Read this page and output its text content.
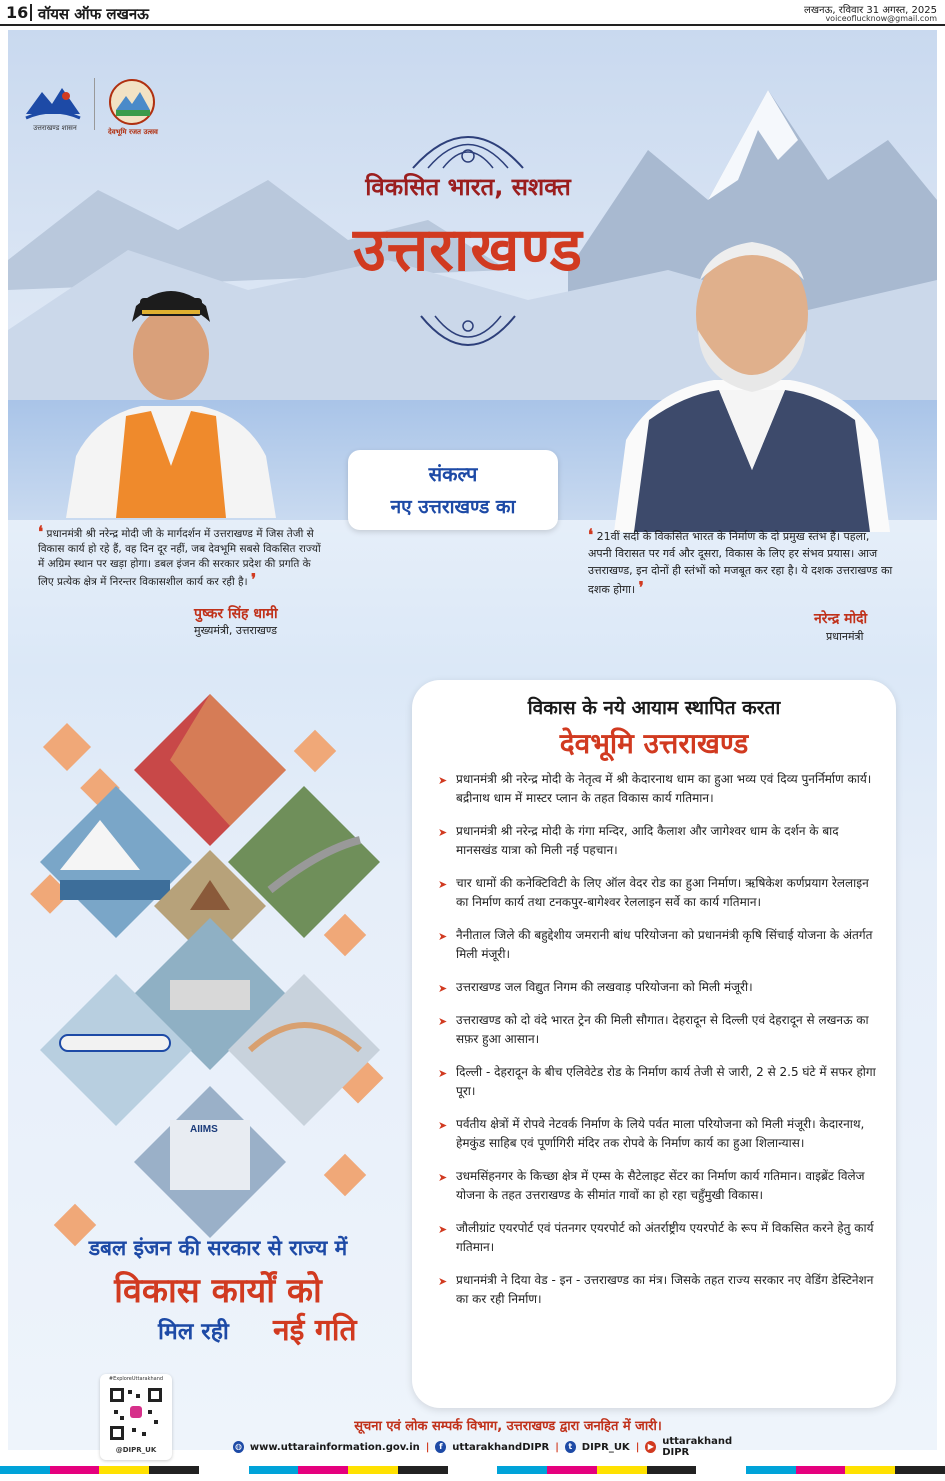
16 वॉयस ऑफ लखनऊ	लखनऊ, रविवार 31 अगस्त, 2025
voiceoflucknow@gmail.com
उत्तराखण्ड शासन	देवभूमि रजत उत्सव
विकसित भारत, सशक्त
उत्तराखण्ड
संकल्प
नए उत्तराखण्ड का
❛ प्रधानमंत्री श्री नरेन्द्र मोदी जी के मार्गदर्शन में उत्तराखण्ड में जिस तेजी से विकास कार्य हो रहे हैं, वह दिन दूर नहीं, जब देवभूमि सबसे विकसित राज्यों में अग्रिम स्थान पर खड़ा होगा। डबल इंजन की सरकार प्रदेश की प्रगति के लिए प्रत्येक क्षेत्र में निरन्तर विकासशील कार्य कर रही है। ❜
पुष्कर सिंह धामी
मुख्यमंत्री, उत्तराखण्ड
❛ 21वीं सदी के विकसित भारत के निर्माण के दो प्रमुख स्तंभ हैं। पहला, अपनी विरासत पर गर्व और दूसरा, विकास के लिए हर संभव प्रयास। आज उत्तराखण्ड, इन दोनों ही स्तंभों को मजबूत कर रहा है। ये दशक उत्तराखण्ड का दशक होगा। ❜
नरेन्द्र मोदी
प्रधानमंत्री
AIIMS
डबल इंजन की सरकार से राज्य में
विकास कार्यों को
मिल रही नई गति
विकास के नये आयाम स्थापित करता
देवभूमि उत्तराखण्ड
➤ प्रधानमंत्री श्री नरेन्द्र मोदी के नेतृत्व में श्री केदारनाथ धाम का हुआ भव्य एवं दिव्य पुनर्निर्माण कार्य। बद्रीनाथ धाम में मास्टर प्लान के तहत विकास कार्य गतिमान।
➤ प्रधानमंत्री श्री नरेन्द्र मोदी के गंगा मन्दिर, आदि कैलाश और जागेश्वर धाम के दर्शन के बाद मानसखंड यात्रा को मिली नई पहचान।
➤ चार धामों की कनेक्टिविटी के लिए ऑल वेदर रोड का हुआ निर्माण। ऋषिकेश कर्णप्रयाग रेललाइन का निर्माण कार्य तथा टनकपुर-बागेश्वर रेललाइन सर्वे का कार्य गतिमान।
➤ नैनीताल जिले की बहुद्देशीय जमरानी बांध परियोजना को प्रधानमंत्री कृषि सिंचाई योजना के अंतर्गत मिली मंजूरी।
➤ उत्तराखण्ड जल विद्युत निगम की लखवाड़ परियोजना को मिली मंजूरी।
➤ उत्तराखण्ड को दो वंदे भारत ट्रेन की मिली सौगात। देहरादून से दिल्ली एवं देहरादून से लखनऊ का सफ़र हुआ आसान।
➤ दिल्ली - देहरादून के बीच एलिवेटेड रोड के निर्माण कार्य तेजी से जारी, 2 से 2.5 घंटे में सफर होगा पूरा।
➤ पर्वतीय क्षेत्रों में रोपवे नेटवर्क निर्माण के लिये पर्वत माला परियोजना को मिली मंजूरी। केदारनाथ, हेमकुंड साहिब एवं पूर्णागिरी मंदिर तक रोपवे के निर्माण कार्य का हुआ शिलान्यास।
➤ उधमसिंहनगर के किच्छा क्षेत्र में एम्स के सैटेलाइट सेंटर का निर्माण कार्य गतिमान। वाइब्रेंट विलेज योजना के तहत उत्तराखण्ड के सीमांत गावों का हो रहा चहुँमुखी विकास।
➤ जौलीग्रांट एयरपोर्ट एवं पंतनगर एयरपोर्ट को अंतर्राष्ट्रीय एयरपोर्ट के रूप में विकसित करने हेतु कार्य गतिमान।
➤ प्रधानमंत्री ने दिया वेड - इन - उत्तराखण्ड का मंत्र। जिसके तहत राज्य सरकार नए वेडिंग डेस्टिनेशन का कर रही निर्माण।
#ExploreUttarakhand
@DIPR_UK
सूचना एवं लोक सम्पर्क विभाग, उत्तराखण्ड द्वारा जनहित में जारी।
◍ www.uttarainformation.gov.in |	f uttarakhandDIPR |	t DIPR_UK | ▶ uttarakhand DIPR
